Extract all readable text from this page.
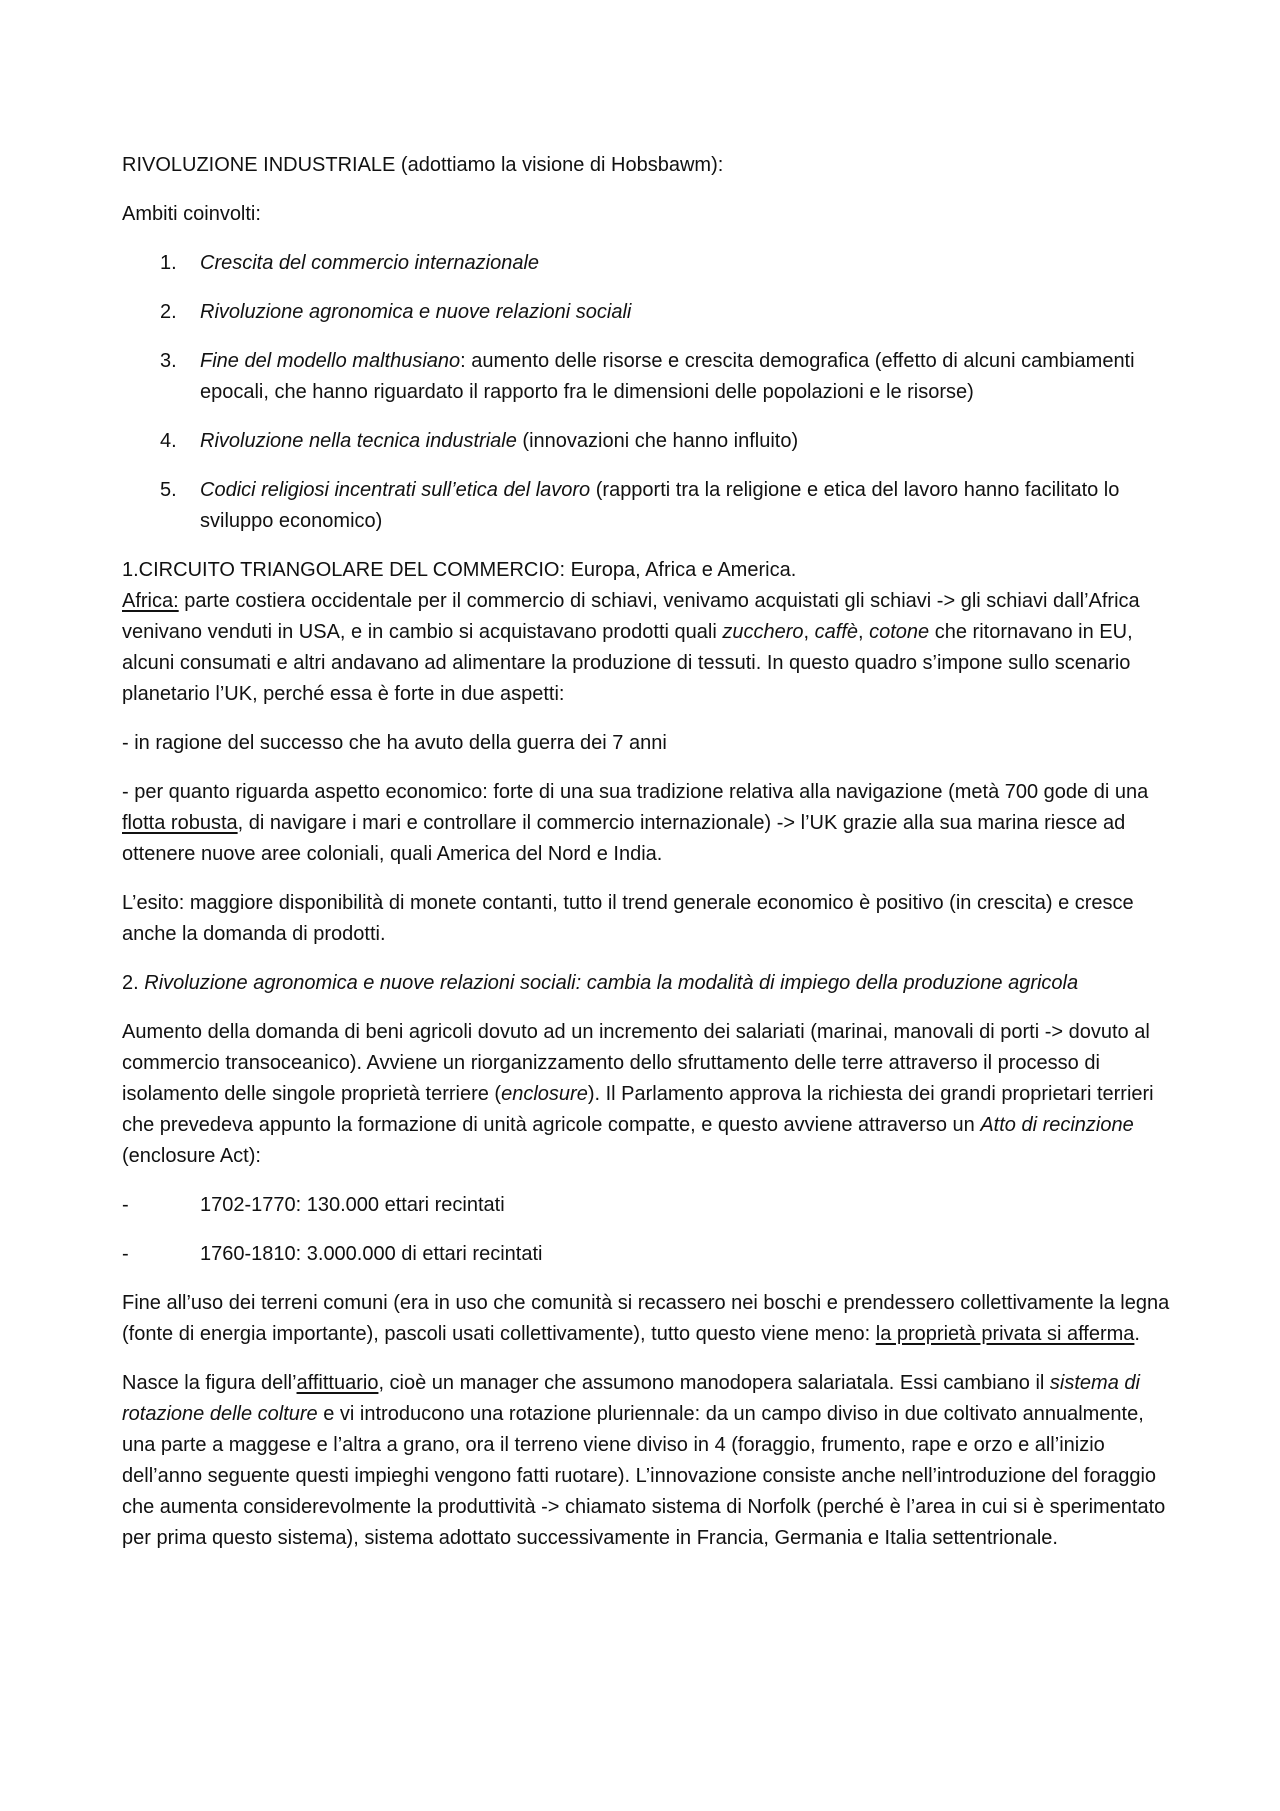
RIVOLUZIONE INDUSTRIALE (adottiamo la visione di Hobsbawm):

Ambiti coinvolti:

1. Crescita del commercio internazionale
2. Rivoluzione agronomica e nuove relazioni sociali
3. Fine del modello malthusiano: aumento delle risorse e crescita demografica (effetto di alcuni cambiamenti epocali, che hanno riguardato il rapporto fra le dimensioni delle popolazioni e le risorse)
4. Rivoluzione nella tecnica industriale (innovazioni che hanno influito)
5. Codici religiosi incentrati sull’etica del lavoro (rapporti tra la religione e etica del lavoro hanno facilitato lo sviluppo economico)

1.CIRCUITO TRIANGOLARE DEL COMMERCIO: Europa, Africa e America.

Africa: parte costiera occidentale per il commercio di schiavi, venivamo acquistati gli schiavi -> gli schiavi dall’Africa venivano venduti in USA, e in cambio si acquistavano prodotti quali zucchero, caffè, cotone che ritornavano in EU, alcuni consumati e altri andavano ad alimentare la produzione di tessuti. In questo quadro s’impone sullo scenario planetario l’UK, perché essa è forte in due aspetti:

- in ragione del successo che ha avuto della guerra dei 7 anni

- per quanto riguarda aspetto economico: forte di una sua tradizione relativa alla navigazione (metà 700 gode di una flotta robusta, di navigare i mari e controllare il commercio internazionale) -> l’UK grazie alla sua marina riesce ad ottenere nuove aree coloniali, quali America del Nord e India.

L’esito: maggiore disponibilità di monete contanti, tutto il trend generale economico è positivo (in crescita) e cresce anche la domanda di prodotti.

2. Rivoluzione agronomica e nuove relazioni sociali: cambia la modalità di impiego della produzione agricola

Aumento della domanda di beni agricoli dovuto ad un incremento dei salariati (marinai, manovali di porti -> dovuto al commercio transoceanico). Avviene un riorganizzamento dello sfruttamento delle terre attraverso il processo di isolamento delle singole proprietà terriere (enclosure). Il Parlamento approva la richiesta dei grandi proprietari terrieri che prevedeva appunto la formazione di unità agricole compatte, e questo avviene attraverso un Atto di recinzione (enclosure Act):

-	1702-1770: 130.000 ettari recintati
-	1760-1810: 3.000.000 di ettari recintati

Fine all’uso dei terreni comuni (era in uso che comunità si recassero nei boschi e prendessero collettivamente la legna (fonte di energia importante), pascoli usati collettivamente), tutto questo viene meno: la proprietà privata si afferma.

Nasce la figura dell’affittuario, cioè un manager che assumono manodopera salariatala. Essi cambiano il sistema di rotazione delle colture e vi introducono una rotazione pluriennale: da un campo diviso in due coltivato annualmente, una parte a maggese e l’altra a grano, ora il terreno viene diviso in 4 (foraggio, frumento, rape e orzo e all’inizio dell’anno seguente questi impieghi vengono fatti ruotare). L’innovazione consiste anche nell’introduzione del foraggio che aumenta considerevolmente la produttività -> chiamato sistema di Norfolk (perché è l’area in cui si è sperimentato per prima questo sistema), sistema adottato successivamente in Francia, Germania e Italia settentrionale.
